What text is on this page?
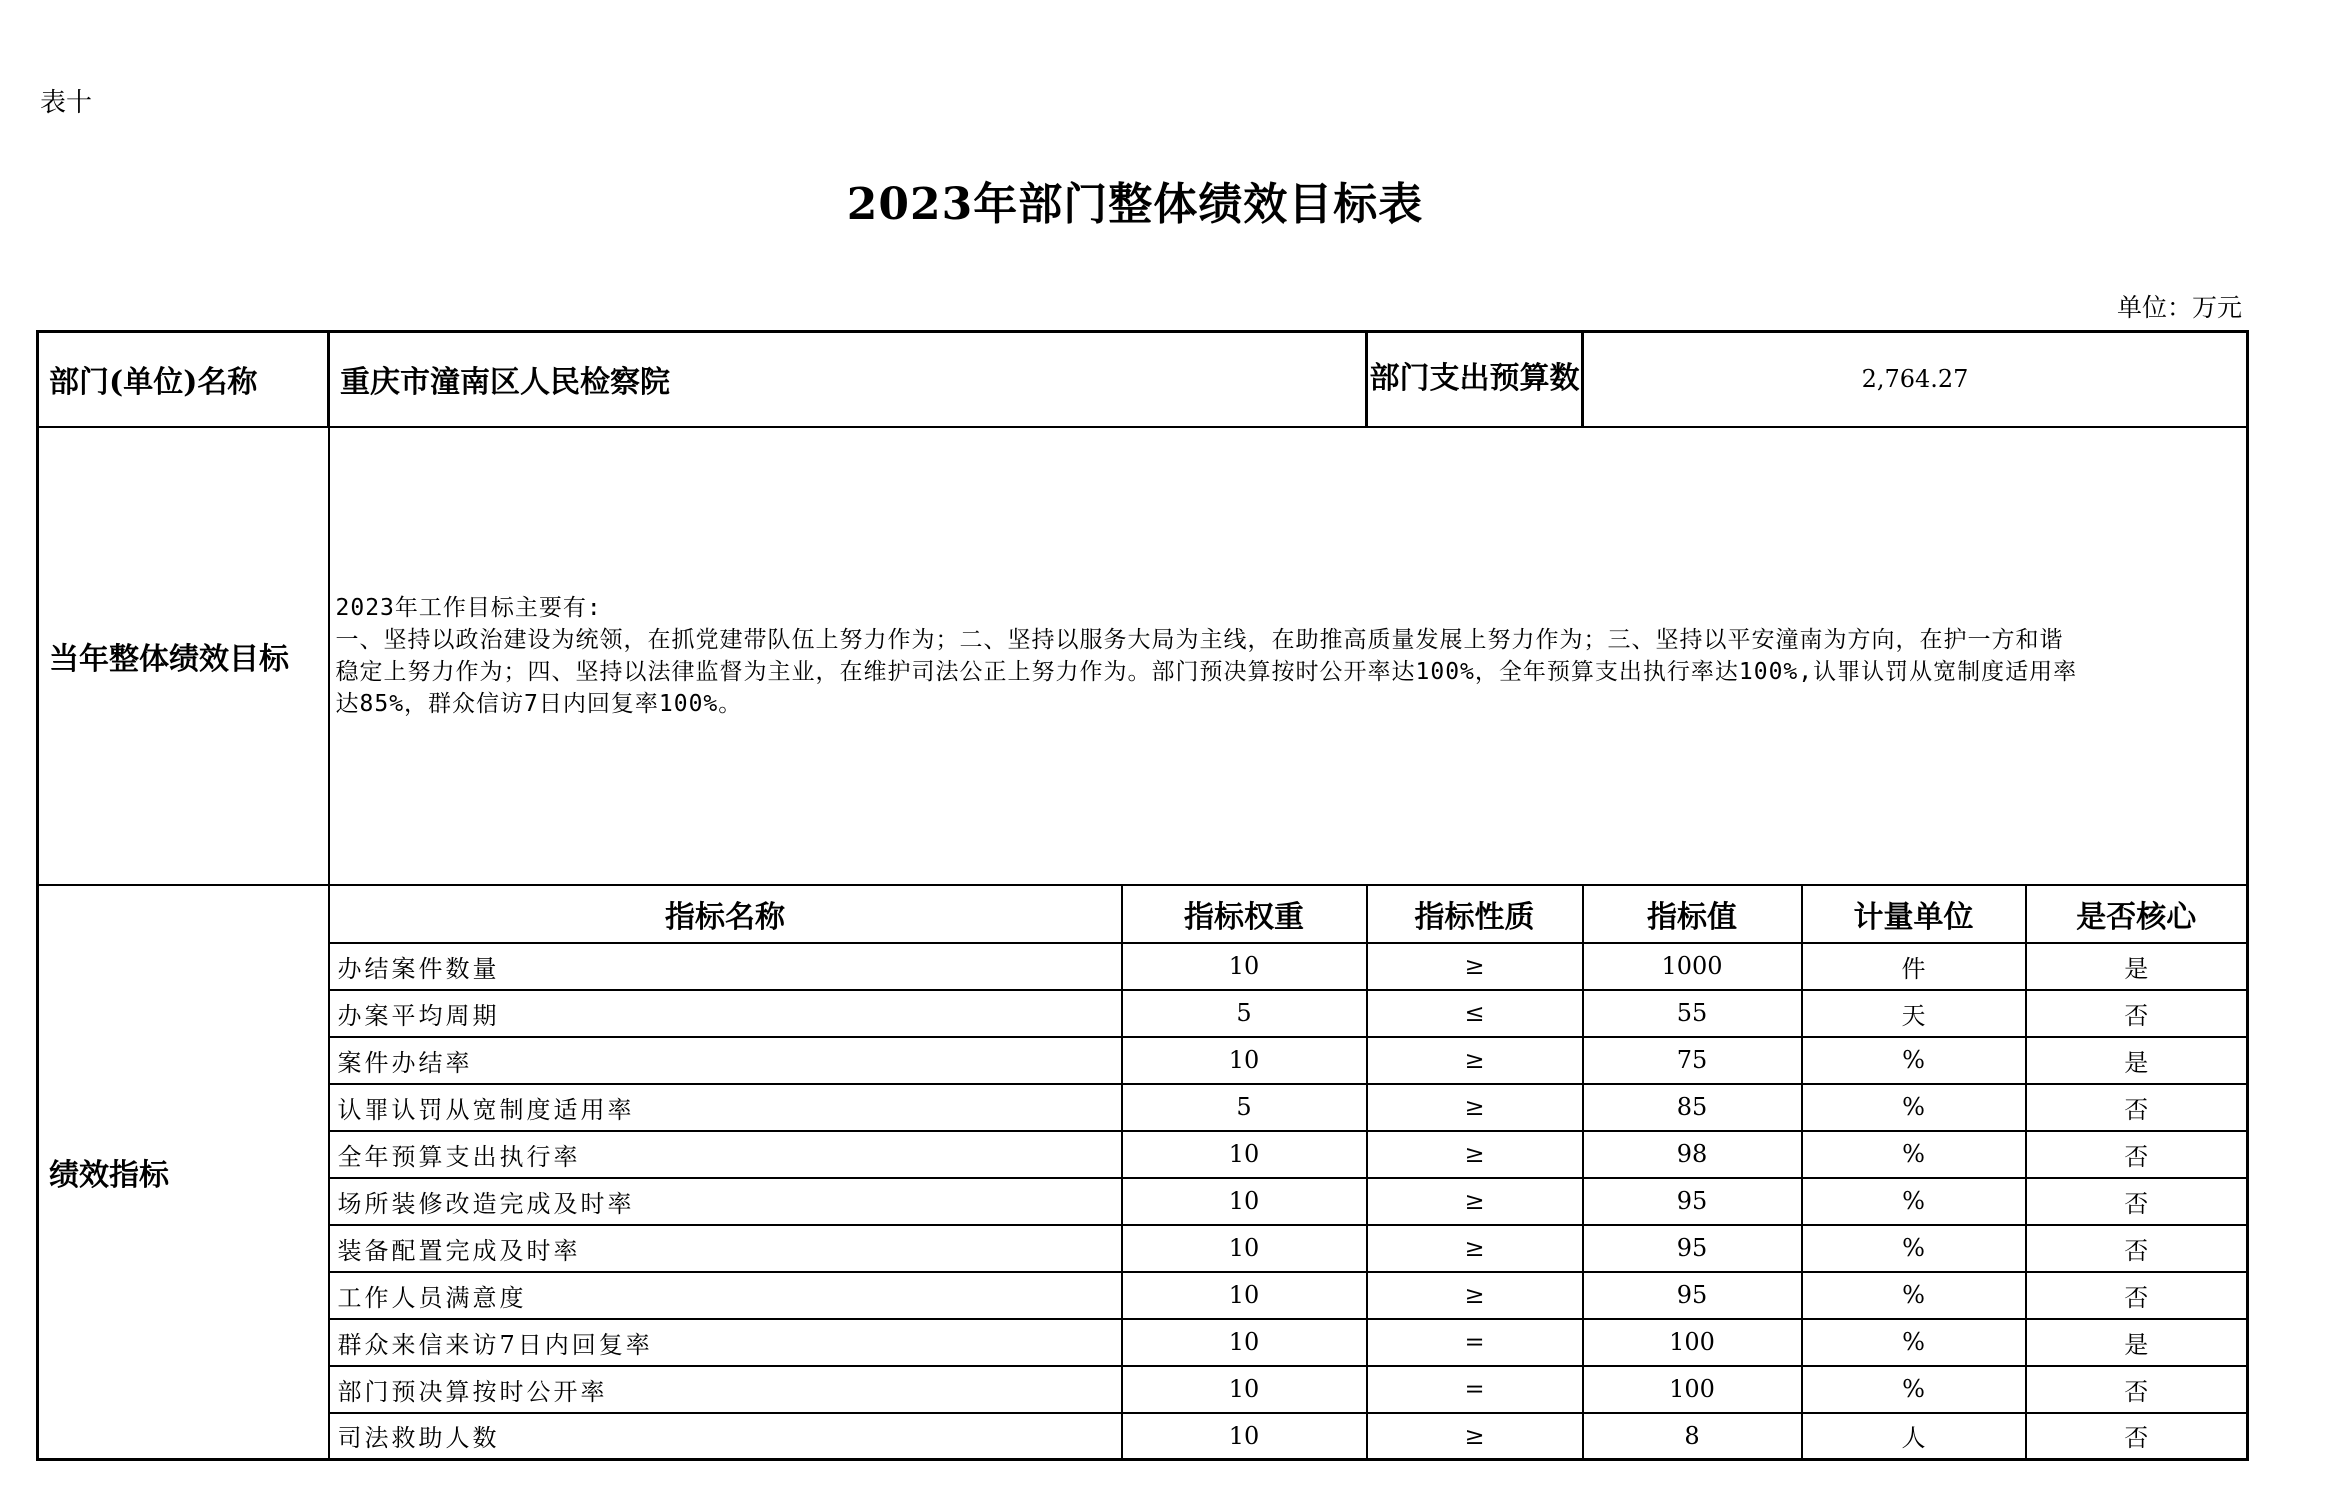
表十
2023年部门整体绩效目标表
单位：万元
部门(单位)名称	重庆市潼南区人民检察院		部门支出预算数	2,764.27		
当年整体绩效目标	2023年工作目标主要有:
一、坚持以政治建设为统领，在抓党建带队伍上努力作为；二、坚持以服务大局为主线，在助推高质量发展上努力作为；三、坚持以平安潼南为方向，在护一方和谐
稳定上努力作为；四、坚持以法律监督为主业，在维护司法公正上努力作为。部门预决算按时公开率达100%，全年预算支出执行率达100%,认罪认罚从宽制度适用率
达85%，群众信访7日内回复率100%。					

绩效指标	指标名称	指标权重	指标性质	指标值	计量单位	是否核心
	办结案件数量	10	≥	1000	件	是
	办案平均周期	5	≤	55	天	否
	案件办结率	10	≥	75	%	是
	认罪认罚从宽制度适用率	5	≥	85	%	否
	全年预算支出执行率	10	≥	98	%	否
	场所装修改造完成及时率	10	≥	95	%	否
	装备配置完成及时率	10	≥	95	%	否
	工作人员满意度	10	≥	95	%	否
	群众来信来访7日内回复率	10	=	100	%	是
	部门预决算按时公开率	10	=	100	%	否
	司法救助人数	10	≥	8	人	否
